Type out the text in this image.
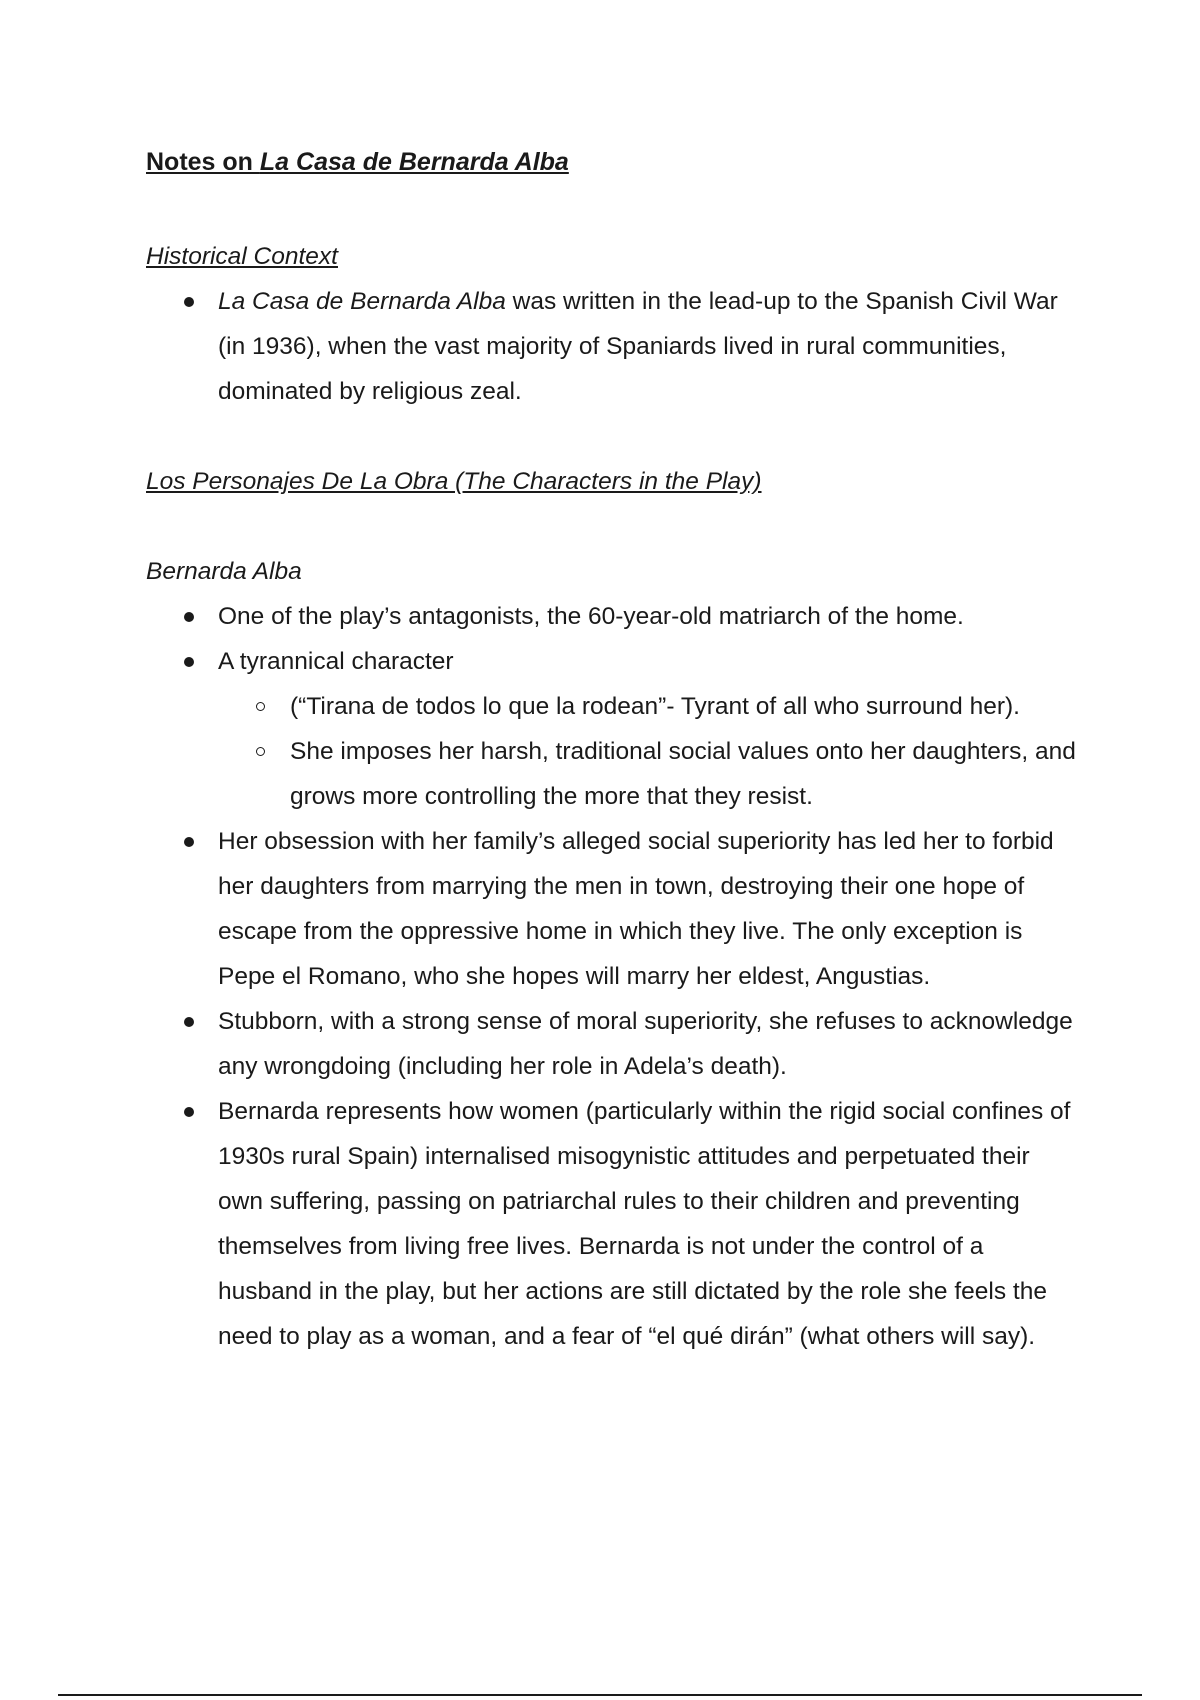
Notes on La Casa de Bernarda Alba

Historical Context

La Casa de Bernarda Alba was written in the lead-up to the Spanish Civil War (in 1936), when the vast majority of Spaniards lived in rural communities, dominated by religious zeal.

Los Personajes De La Obra (The Characters in the Play)

Bernarda Alba

One of the play’s antagonists, the 60-year-old matriarch of the home.
A tyrannical character
(“Tirana de todos lo que la rodean”- Tyrant of all who surround her).
She imposes her harsh, traditional social values onto her daughters, and grows more controlling the more that they resist.
Her obsession with her family’s alleged social superiority has led her to forbid her daughters from marrying the men in town, destroying their one hope of escape from the oppressive home in which they live. The only exception is Pepe el Romano, who she hopes will marry her eldest, Angustias.
Stubborn, with a strong sense of moral superiority, she refuses to acknowledge any wrongdoing (including her role in Adela’s death).
Bernarda represents how women (particularly within the rigid social confines of 1930s rural Spain) internalised misogynistic attitudes and perpetuated their own suffering, passing on patriarchal rules to their children and preventing themselves from living free lives. Bernarda is not under the control of a husband in the play, but her actions are still dictated by the role she feels the need to play as a woman, and a fear of “el qué dirán” (what others will say).
